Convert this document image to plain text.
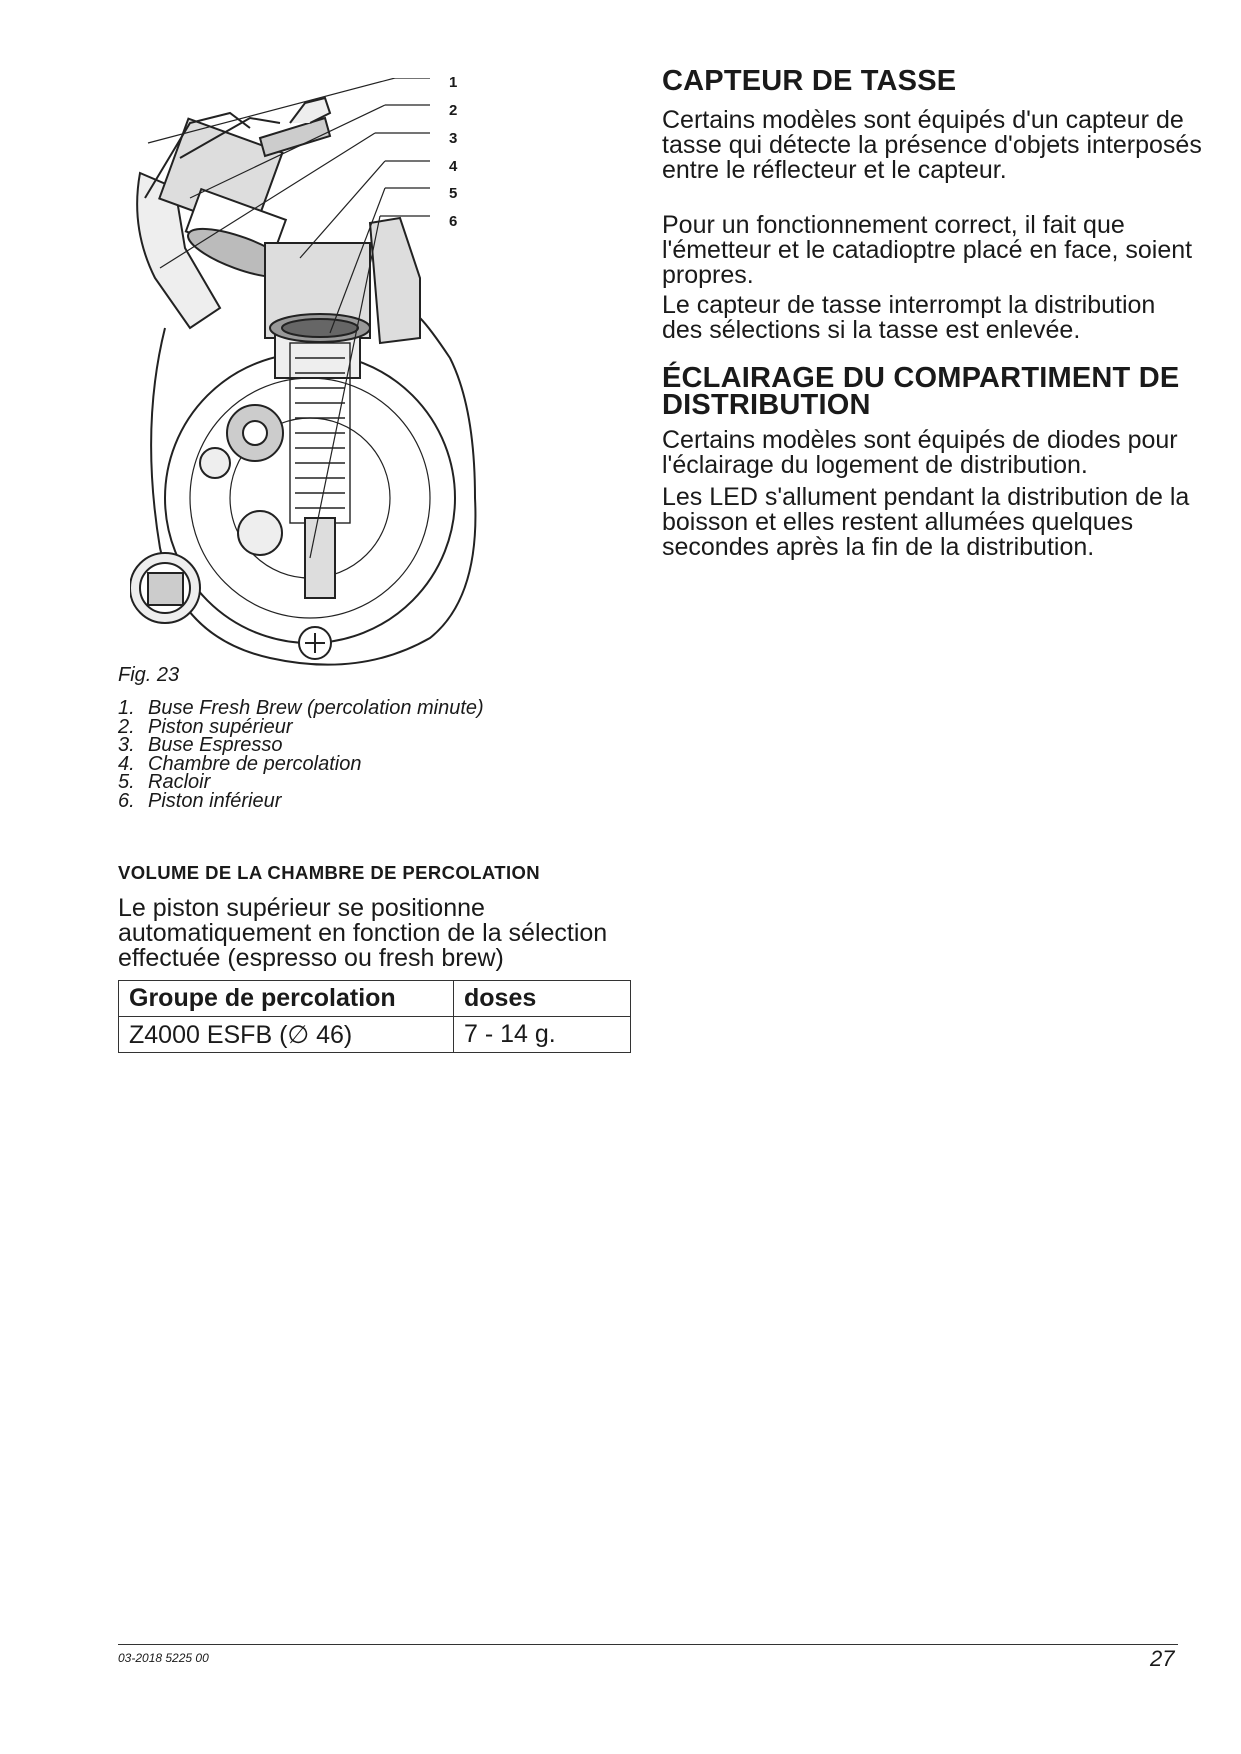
1
2
3
4
5
6
Fig. 23
1. Buse Fresh Brew (percolation minute)
2. Piston supérieur
3. Buse Espresso
4. Chambre de percolation
5. Racloir
6. Piston inférieur
VOLUME DE LA CHAMBRE DE PERCOLATION

Le piston supérieur se positionne automatiquement en fonction de la sélection effectuée (espresso ou fresh brew)

Groupe de percolation	doses
Z4000 ESFB (∅ 46)	7 - 14 g.
CAPTEUR DE TASSE

Certains modèles sont équipés d'un capteur de tasse qui détecte la présence d'objets interposés entre le réflecteur et le capteur.

Pour un fonctionnement correct, il fait que l'émetteur et le catadioptre placé en face, soient propres.

Le capteur de tasse interrompt la distribution des sélections si la tasse est enlevée.

ÉCLAIRAGE DU COMPARTIMENT DE DISTRIBUTION

Certains modèles sont équipés de diodes pour l'éclairage du logement de distribution.

Les LED s'allument pendant la distribution de la boisson et elles restent allumées quelques secondes après la fin de la distribution.

03-2018 5225 00	27
